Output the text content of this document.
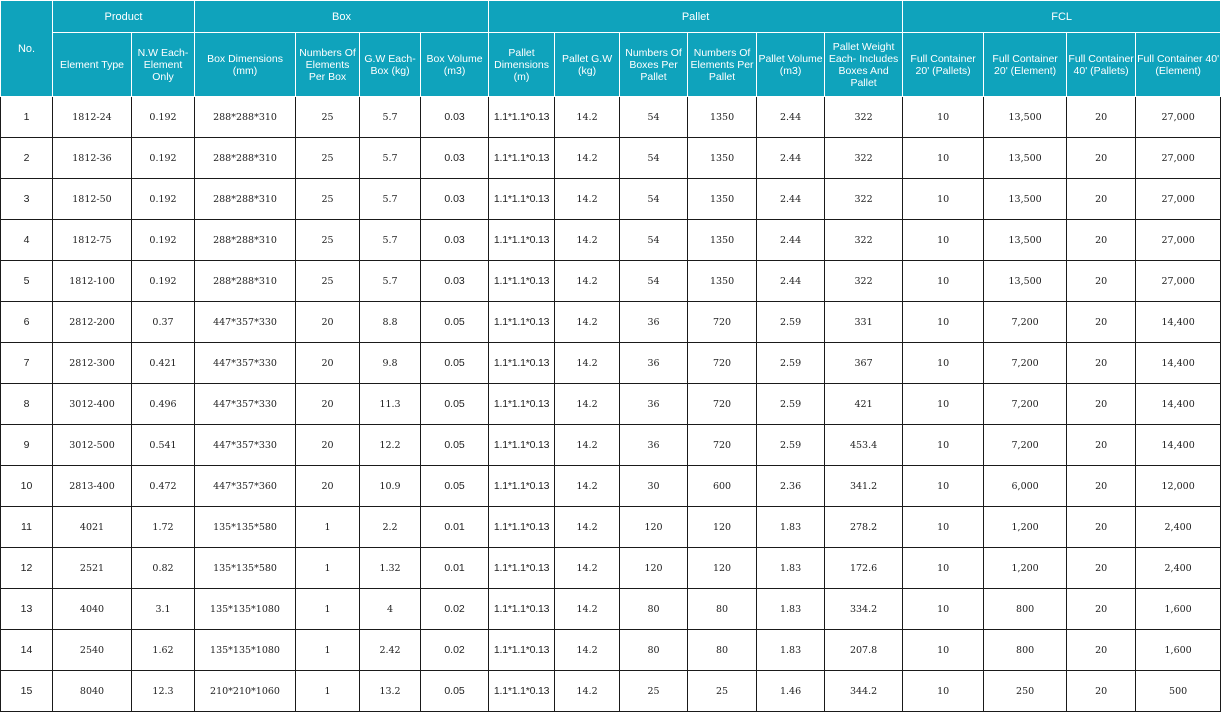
No.	Product		Box				Pallet						FCL			
	Element Type	N.W Each- Element Only	Box Dimensions (mm)	Numbers Of Elements Per Box	G.W Each- Box (kg)	Box Volume (m3)	Pallet Dimensions (m)	Pallet G.W (kg)	Numbers Of Boxes Per Pallet	Numbers Of Elements Per Pallet	Pallet Volume (m3)	Pallet Weight Each- Includes Boxes And Pallet	Full Container 20' (Pallets)	Full Container 20' (Element)	Full Container 40' (Pallets)	Full Container 40' (Element)
1	1812-24	0.192	288*288*310	25	5.7	0.03	1.1*1.1*0.13	14.2	54	1350	2.44	322	10	13,500	20	27,000
2	1812-36	0.192	288*288*310	25	5.7	0.03	1.1*1.1*0.13	14.2	54	1350	2.44	322	10	13,500	20	27,000
3	1812-50	0.192	288*288*310	25	5.7	0.03	1.1*1.1*0.13	14.2	54	1350	2.44	322	10	13,500	20	27,000
4	1812-75	0.192	288*288*310	25	5.7	0.03	1.1*1.1*0.13	14.2	54	1350	2.44	322	10	13,500	20	27,000
5	1812-100	0.192	288*288*310	25	5.7	0.03	1.1*1.1*0.13	14.2	54	1350	2.44	322	10	13,500	20	27,000
6	2812-200	0.37	447*357*330	20	8.8	0.05	1.1*1.1*0.13	14.2	36	720	2.59	331	10	7,200	20	14,400
7	2812-300	0.421	447*357*330	20	9.8	0.05	1.1*1.1*0.13	14.2	36	720	2.59	367	10	7,200	20	14,400
8	3012-400	0.496	447*357*330	20	11.3	0.05	1.1*1.1*0.13	14.2	36	720	2.59	421	10	7,200	20	14,400
9	3012-500	0.541	447*357*330	20	12.2	0.05	1.1*1.1*0.13	14.2	36	720	2.59	453.4	10	7,200	20	14,400
10	2813-400	0.472	447*357*360	20	10.9	0.05	1.1*1.1*0.13	14.2	30	600	2.36	341.2	10	6,000	20	12,000
11	4021	1.72	135*135*580	1	2.2	0.01	1.1*1.1*0.13	14.2	120	120	1.83	278.2	10	1,200	20	2,400
12	2521	0.82	135*135*580	1	1.32	0.01	1.1*1.1*0.13	14.2	120	120	1.83	172.6	10	1,200	20	2,400
13	4040	3.1	135*135*1080	1	4	0.02	1.1*1.1*0.13	14.2	80	80	1.83	334.2	10	800	20	1,600
14	2540	1.62	135*135*1080	1	2.42	0.02	1.1*1.1*0.13	14.2	80	80	1.83	207.8	10	800	20	1,600
15	8040	12.3	210*210*1060	1	13.2	0.05	1.1*1.1*0.13	14.2	25	25	1.46	344.2	10	250	20	500
